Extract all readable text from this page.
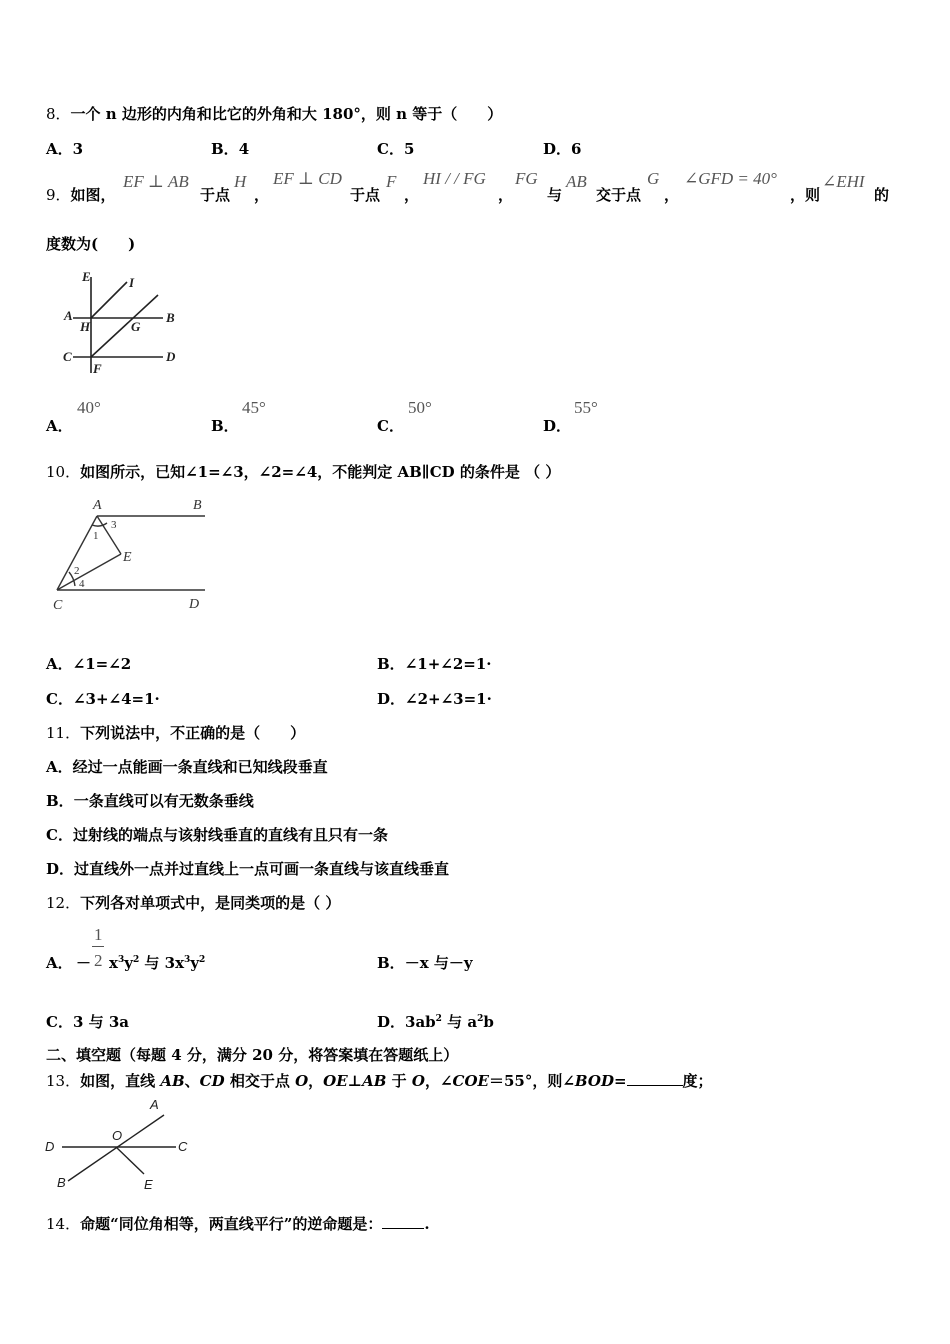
8．一个 n 边形的内角和比它的外角和大 180°，则 n 等于（　　）
A．3	B．4	C．5	D．6
9．如图，
EF ⊥ AB
于点
H
，
EF ⊥ CD
于点
F
，
HI / / FG
，
FG
与
AB
交于点
G
，
∠GFD = 40°
，则
∠EHI
的
度数为(　　)
E	I
A
H	G
B
C	D
F
A．
40°
B．
45°
C．
50°
D．
55°
10．如图所示，已知∠1=∠3，∠2=∠4，不能判定 AB∥CD 的条件是 （ ）
A	B
C	D
E
1
3
2
4
A．∠1=∠2	B．∠1+∠2=1·
C．∠3+∠4=1·	D．∠2+∠3=1·
11．下列说法中，不正确的是（　　）
A．经过一点能画一条直线和已知线段垂直
B．一条直线可以有无数条垂线
C．过射线的端点与该射线垂直的直线有且只有一条
D．过直线外一点并过直线上一点可画一条直线与该直线垂直
12．下列各对单项式中，是同类项的是（ ）
A． －
1
2 $x^3y^2$ 与 $3x^3y^2$	B．－x 与－y
C．3 与 3a	D．$3ab^2$ 与 $a^2b$
二、填空题（每题 4 分，满分 20 分，将答案填在答题纸上）
13．如图，直线 AB、CD 相交于点 O，OE⊥AB 于 O，∠COE＝55°，则∠BOD=	度；
A
O
D	C
B	E
14．命题“同位角相等，两直线平行”的逆命题是：	.
